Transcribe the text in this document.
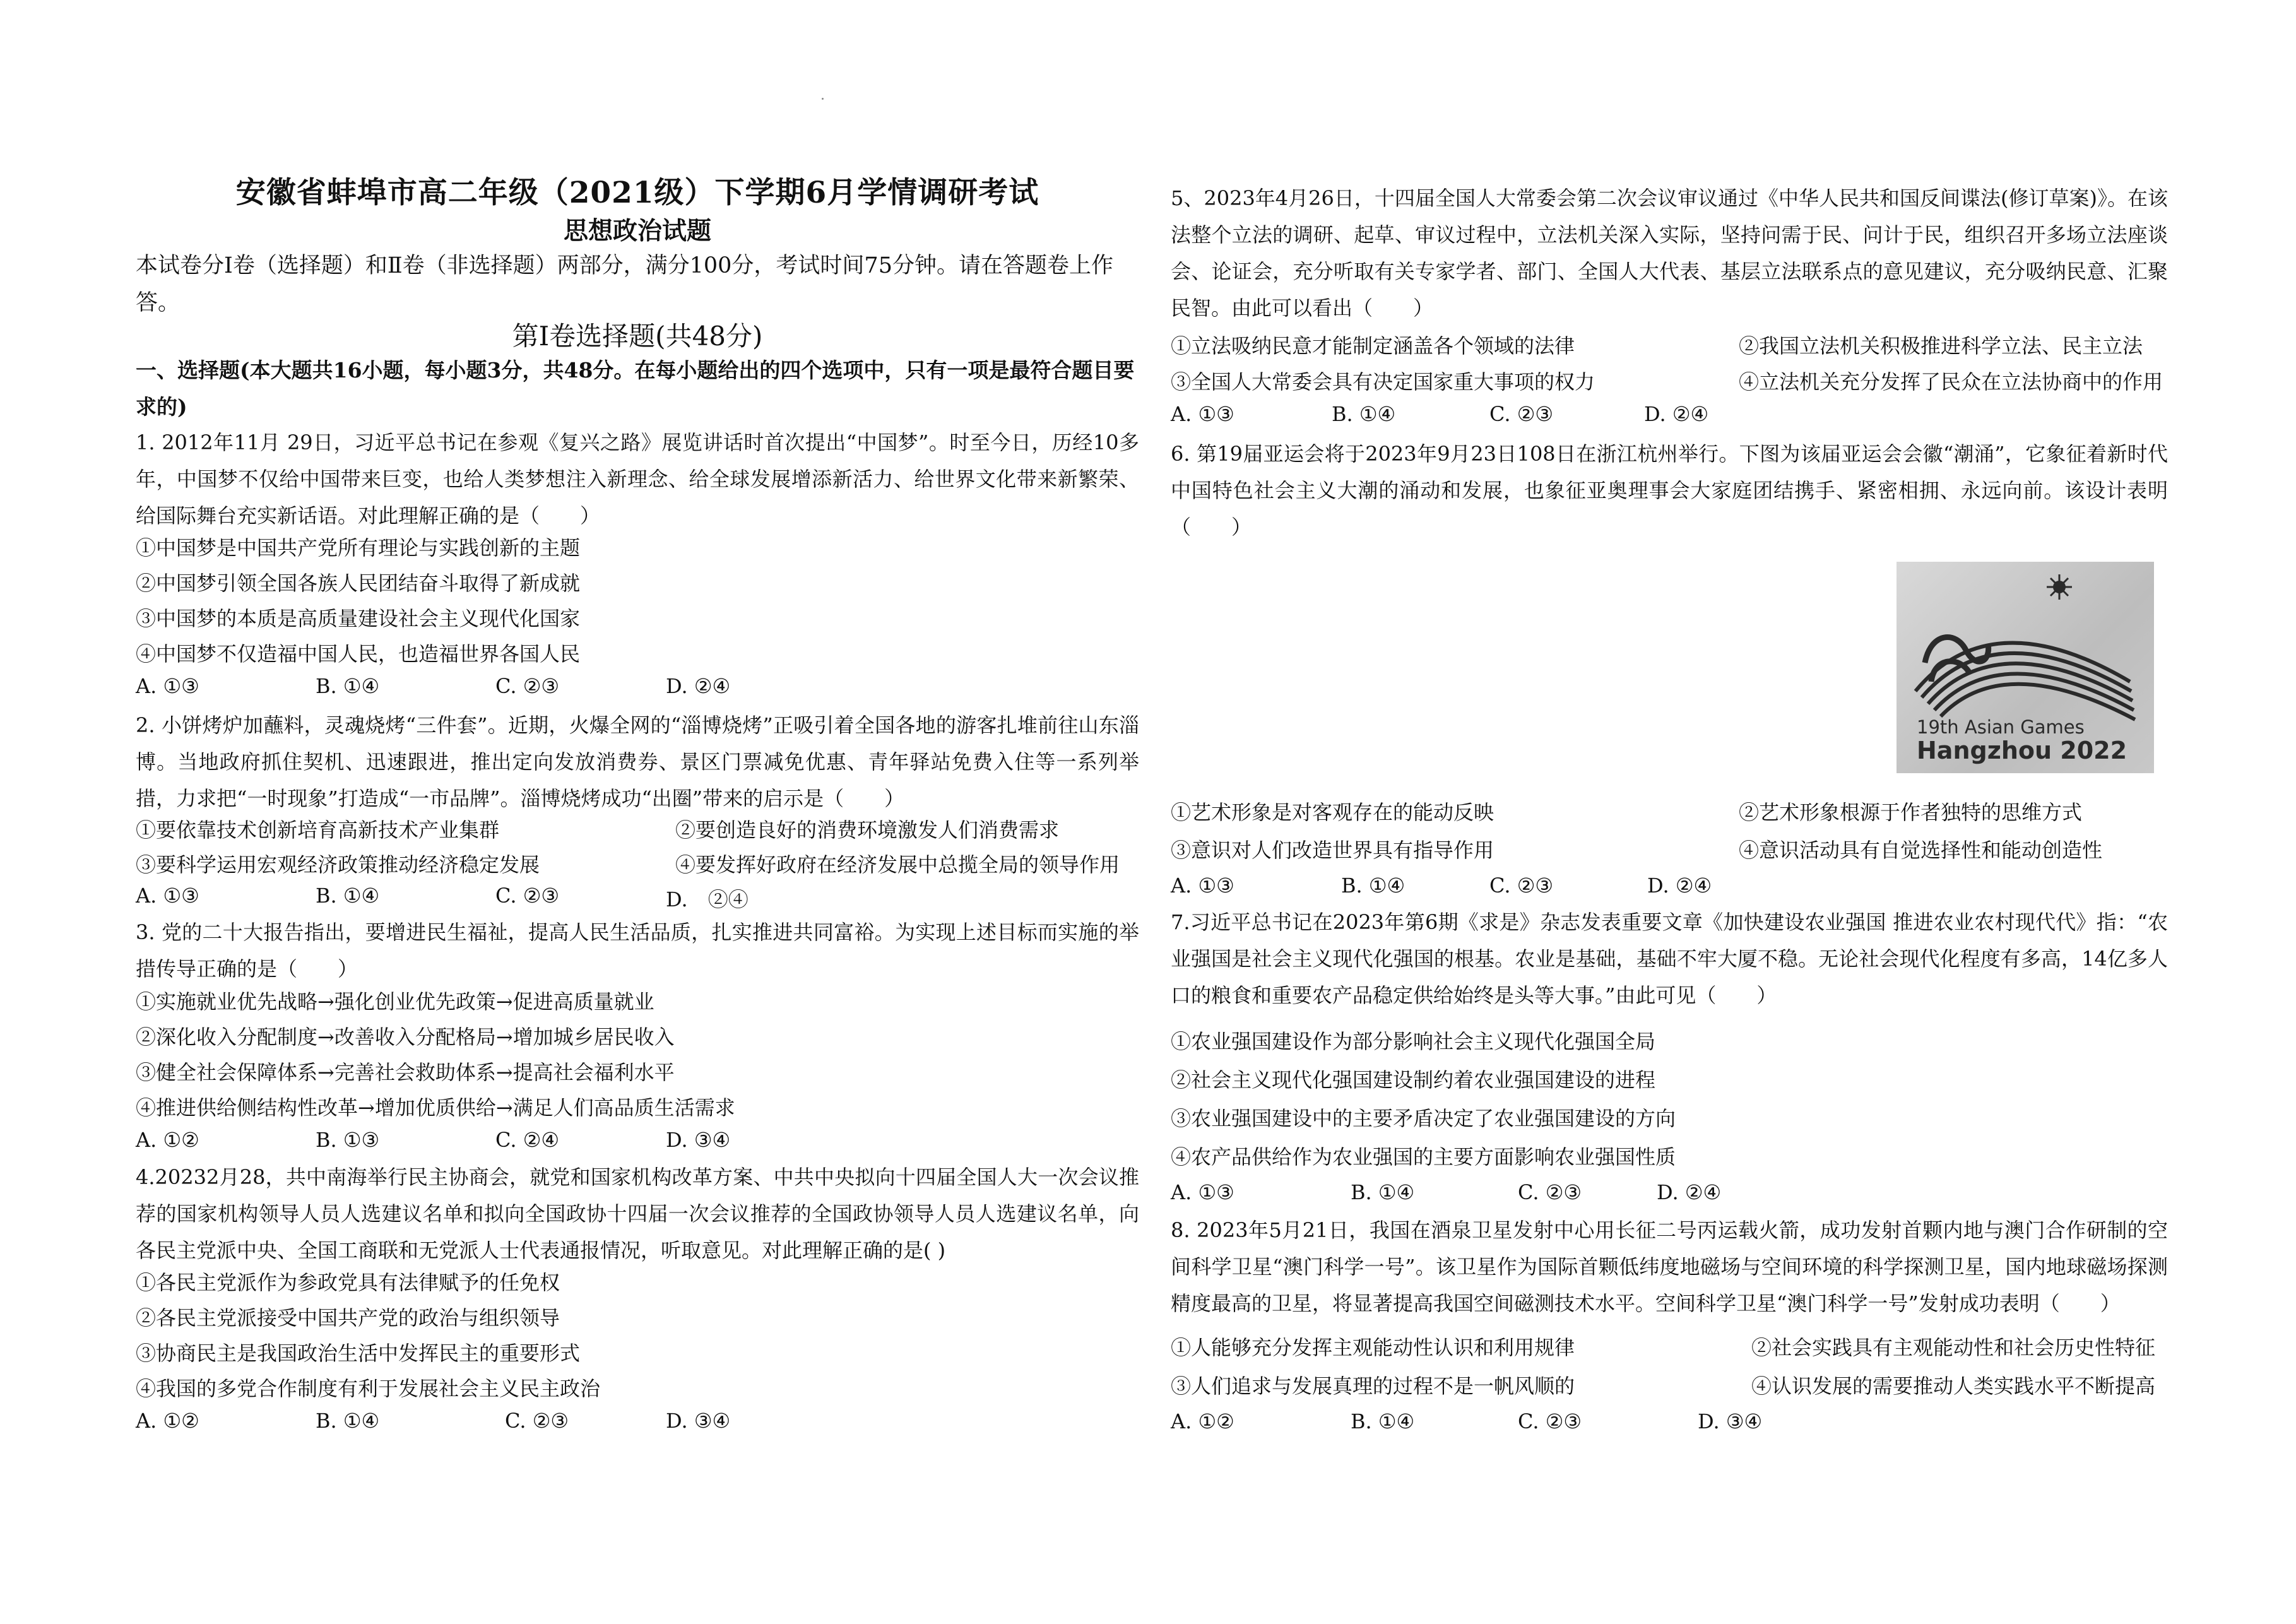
安徽省蚌埠市高二年级（2021级）下学期6月学情调研考试
思想政治试题
本试卷分Ⅰ卷（选择题）和Ⅱ卷（非选择题）两部分，满分100分，考试时间75分钟。请在答题卷上作答。
第Ⅰ卷选择题(共48分)
一、选择题(本大题共16小题，每小题3分，共48分。在每小题给出的四个选项中，只有一项是最符合题目要求的)
1. 2012年11月 29日，习近平总书记在参观《复兴之路》展览讲话时首次提出“中国梦”。时至今日，历经10多年，中国梦不仅给中国带来巨变，也给人类梦想注入新理念、给全球发展增添新活力、给世界文化带来新繁荣、给国际舞台充实新话语。对此理解正确的是（　　）
①中国梦是中国共产党所有理论与实践创新的主题
②中国梦引领全国各族人民团结奋斗取得了新成就
③中国梦的本质是高质量建设社会主义现代化国家
④中国梦不仅造福中国人民，也造福世界各国人民
A. ①③	B. ①④	C. ②③	D. ②④
2. 小饼烤炉加蘸料，灵魂烧烤“三件套”。近期，火爆全网的“淄博烧烤”正吸引着全国各地的游客扎堆前往山东淄博。当地政府抓住契机、迅速跟进，推出定向发放消费券、景区门票减免优惠、青年驿站免费入住等一系列举措，力求把“一时现象”打造成“一市品牌”。淄博烧烤成功“出圈”带来的启示是（　　）
①要依靠技术创新培育高新技术产业集群	②要创造良好的消费环境激发人们消费需求
③要科学运用宏观经济政策推动经济稳定发展	④要发挥好政府在经济发展中总揽全局的领导作用
A. ①③	B. ①④	C. ②③	D.　②④
3. 党的二十大报告指出，要增进民生福祉，提高人民生活品质，扎实推进共同富裕。为实现上述目标而实施的举措传导正确的是（　　）
①实施就业优先战略→强化创业优先政策→促进高质量就业
②深化收入分配制度→改善收入分配格局→增加城乡居民收入
③健全社会保障体系→完善社会救助体系→提高社会福利水平
④推进供给侧结构性改革→增加优质供给→满足人们高品质生活需求
A. ①②	B. ①③	C. ②④	D. ③④
4.20232月28，共中南海举行民主协商会，就党和国家机构改革方案、中共中央拟向十四届全国人大一次会议推荐的国家机构领导人员人选建议名单和拟向全国政协十四届一次会议推荐的全国政协领导人员人选建议名单，向各民主党派中央、全国工商联和无党派人士代表通报情况，听取意见。对此理解正确的是( )
①各民主党派作为参政党具有法律赋予的任免权
②各民主党派接受中国共产党的政治与组织领导
③协商民主是我国政治生活中发挥民主的重要形式
④我国的多党合作制度有利于发展社会主义民主政治
A. ①②	B. ①④	C. ②③	D. ③④
5、2023年4月26日，十四届全国人大常委会第二次会议审议通过《中华人民共和国反间谍法(修订草案)》。在该法整个立法的调研、起草、审议过程中，立法机关深入实际，坚持问需于民、问计于民，组织召开多场立法座谈会、论证会，充分听取有关专家学者、部门、全国人大代表、基层立法联系点的意见建议，充分吸纳民意、汇聚民智。由此可以看出（　　）
①立法吸纳民意才能制定涵盖各个领域的法律	②我国立法机关积极推进科学立法、民主立法
③全国人大常委会具有决定国家重大事项的权力	④立法机关充分发挥了民众在立法协商中的作用
A. ①③	B. ①④	C. ②③	D. ②④
6. 第19届亚运会将于2023年9月23日108日在浙江杭州举行。下图为该届亚运会会徽“潮涌”，它象征着新时代中国特色社会主义大潮的涌动和发展，也象征亚奥理事会大家庭团结携手、紧密相拥、永远向前。该设计表明（　　）
19th Asian Games
Hangzhou 2022
①艺术形象是对客观存在的能动反映	②艺术形象根源于作者独特的思维方式
③意识对人们改造世界具有指导作用	④意识活动具有自觉选择性和能动创造性
A. ①③	B. ①④	C. ②③	D. ②④
7.习近平总书记在2023年第6期《求是》杂志发表重要文章《加快建设农业强国 推进农业农村现代代》指：“农业强国是社会主义现代化强国的根基。农业是基础，基础不牢大厦不稳。无论社会现代化程度有多高，14亿多人口的粮食和重要农产品稳定供给始终是头等大事。”由此可见（　　）
①农业强国建设作为部分影响社会主义现代化强国全局
②社会主义现代化强国建设制约着农业强国建设的进程
③农业强国建设中的主要矛盾决定了农业强国建设的方向
④农产品供给作为农业强国的主要方面影响农业强国性质
A. ①③	B. ①④	C. ②③	D. ②④
8. 2023年5月21日，我国在酒泉卫星发射中心用长征二号丙运载火箭，成功发射首颗内地与澳门合作研制的空间科学卫星“澳门科学一号”。该卫星作为国际首颗低纬度地磁场与空间环境的科学探测卫星，国内地球磁场探测精度最高的卫星，将显著提高我国空间磁测技术水平。空间科学卫星“澳门科学一号”发射成功表明（　　）
①人能够充分发挥主观能动性认识和利用规律	②社会实践具有主观能动性和社会历史性特征
③人们追求与发展真理的过程不是一帆风顺的	④认识发展的需要推动人类实践水平不断提高
A. ①②	B. ①④	C. ②③	D. ③④
